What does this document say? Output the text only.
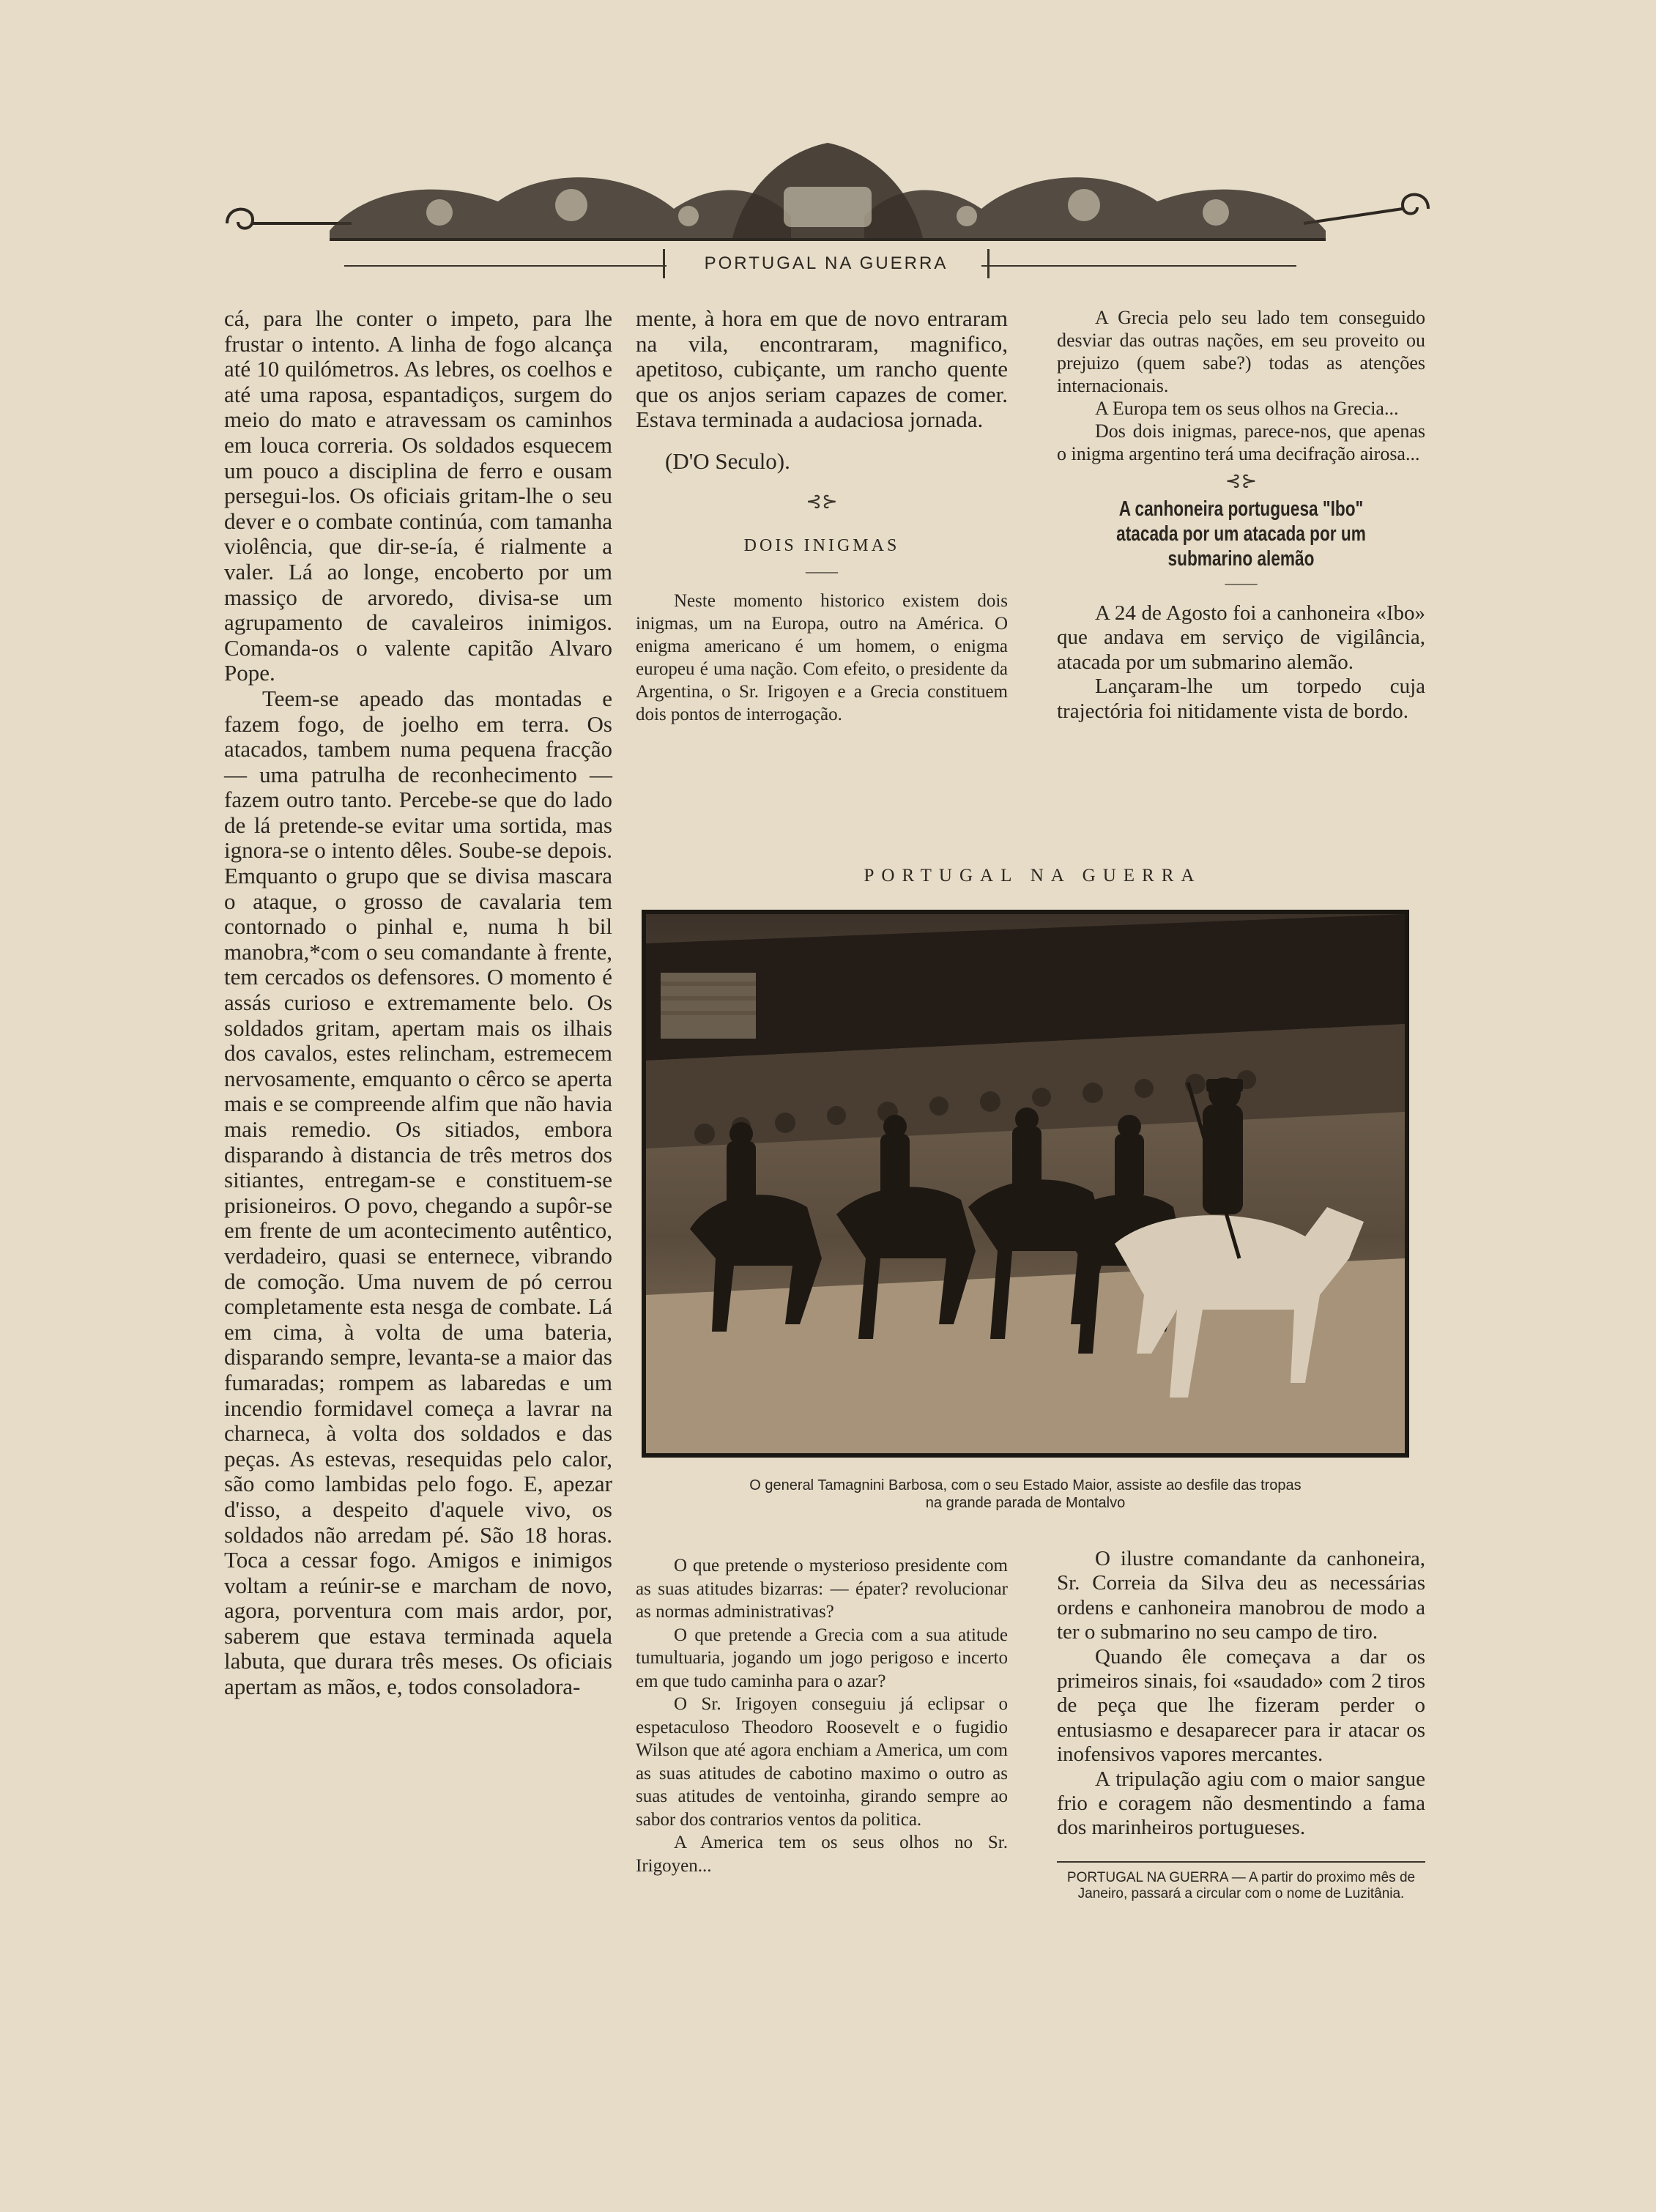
PORTUGAL NA GUERRA

cá, para lhe conter o impeto, para lhe frustar o intento. A linha de fogo alcança até 10 quilómetros. As lebres, os coelhos e até uma raposa, espantadiços, surgem do meio do mato e atravessam os caminhos em louca correria. Os soldados esquecem um pouco a disciplina de ferro e ousam persegui-los. Os oficiais gritam-lhe o seu dever e o combate continúa, com tamanha violência, que dir-se-ía, é rialmente a valer. Lá ao longe, encoberto por um massiço de arvoredo, divisa-se um agrupamento de cavaleiros inimigos. Comanda-os o valente capitão Alvaro Pope.

Teem-se apeado das montadas e fazem fogo, de joelho em terra. Os atacados, tambem numa pequena fracção — uma patrulha de reconhecimento — fazem outro tanto. Percebe-se que do lado de lá pretende-se evitar uma sortida, mas ignora-se o intento dêles. Soube-se depois. Emquanto o grupo que se divisa mascara o ataque, o grosso de cavalaria tem contornado o pinhal e, numa h bil manobra,*com o seu comandante à frente, tem cercados os defensores. O momento é assás curioso e extremamente belo. Os soldados gritam, apertam mais os ilhais dos cavalos, estes relincham, estremecem nervosamente, emquanto o cêrco se aperta mais e se compreende alfim que não havia mais remedio. Os sitiados, embora disparando à distancia de três metros dos sitiantes, entregam-se e constituem-se prisioneiros. O povo, chegando a supôr-se em frente de um acontecimento autêntico, verdadeiro, quasi se enternece, vibrando de comoção. Uma nuvem de pó cerrou completamente esta nesga de combate. Lá em cima, à volta de uma bateria, disparando sempre, levanta-se a maior das fumaradas; rompem as labaredas e um incendio formidavel começa a lavrar na charneca, à volta dos soldados e das peças. As estevas, resequidas pelo calor, são como lambidas pelo fogo. E, apezar d'isso, a despeito d'aquele vivo, os soldados não arredam pé. São 18 horas. Toca a cessar fogo. Amigos e inimigos voltam a reúnir-se e marcham de novo, agora, porventura com mais ardor, por, saberem que estava terminada aquela labuta, que durara três meses. Os oficiais apertam as mãos, e, todos consoladora-

mente, à hora em que de novo entraram na vila, encontraram, magnifico, apetitoso, cubiçante, um rancho quente que os anjos seriam capazes de comer. Estava terminada a audaciosa jornada.

(D'O Seculo).

⊰⊱

DOIS INIGMAS

——

Neste momento historico existem dois inigmas, um na Europa, outro na América. O enigma americano é um homem, o enigma europeu é uma nação. Com efeito, o presidente da Argentina, o Sr. Irigoyen e a Grecia constituem dois pontos de interrogação.

A Grecia pelo seu lado tem conseguido desviar das outras nações, em seu proveito ou prejuizo (quem sabe?) todas as atenções internacionais.

A Europa tem os seus olhos na Grecia...

Dos dois inigmas, parece-nos, que apenas o inigma argentino terá uma decifração airosa...

⊰⊱

A canhoneira portuguesa "Ibo" atacada por um atacada por um submarino alemão

——

A 24 de Agosto foi a canhoneira «Ibo» que andava em serviço de vigilância, atacada por um submarino alemão.

Lançaram-lhe um torpedo cuja trajectória foi nitidamente vista de bordo.

PORTUGAL NA GUERRA
O general Tamagnini Barbosa, com o seu Estado Maior, assiste ao desfile das tropas
na grande parada de Montalvo

O que pretende o mysterioso presidente com as suas atitudes bizarras: — épater? revolucionar as normas administrativas?

O que pretende a Grecia com a sua atitude tumultuaria, jogando um jogo perigoso e incerto em que tudo caminha para o azar?

O Sr. Irigoyen conseguiu já eclipsar o espetaculoso Theodoro Roosevelt e o fugidio Wilson que até agora enchiam a America, um com as suas atitudes de cabotino maximo o outro as suas atitudes de ventoinha, girando sempre ao sabor dos contrarios ventos da politica.

A America tem os seus olhos no Sr. Irigoyen...

O ilustre comandante da canhoneira, Sr. Correia da Silva deu as necessárias ordens e canhoneira manobrou de modo a ter o submarino no seu campo de tiro.

Quando êle começava a dar os primeiros sinais, foi «saudado» com 2 tiros de peça que lhe fizeram perder o entusiasmo e desaparecer para ir atacar os inofensivos vapores mercantes.

A tripulação agiu com o maior sangue frio e coragem não desmentindo a fama dos marinheiros portugueses.

PORTUGAL NA GUERRA — A partir do proximo mês de Janeiro, passará a circular com o nome de Luzitânia.
